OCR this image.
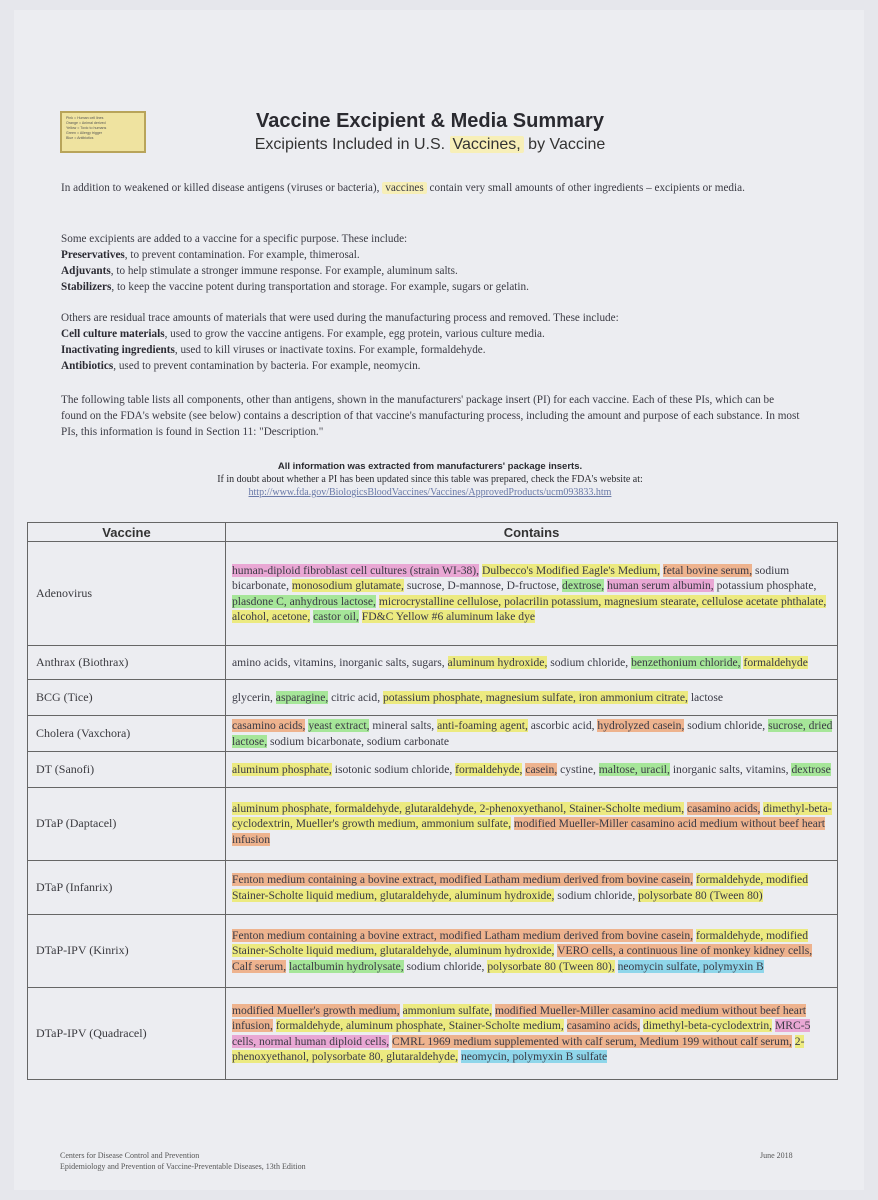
Pink = Human cell lines
Orange = Animal derived
Yellow = Toxic to humans
Green = Allergy trigger
Blue = Antibiotics
Vaccine Excipient & Media Summary
Excipients Included in U.S. Vaccines, by Vaccine
In addition to weakened or killed disease antigens (viruses or bacteria), vaccines contain very small amounts of other ingredients – excipients or media.
Some excipients are added to a vaccine for a specific purpose. These include:
Preservatives, to prevent contamination. For example, thimerosal.
Adjuvants, to help stimulate a stronger immune response. For example, aluminum salts.
Stabilizers, to keep the vaccine potent during transportation and storage. For example, sugars or gelatin.
Others are residual trace amounts of materials that were used during the manufacturing process and removed. These include:
Cell culture materials, used to grow the vaccine antigens. For example, egg protein, various culture media.
Inactivating ingredients, used to kill viruses or inactivate toxins. For example, formaldehyde.
Antibiotics, used to prevent contamination by bacteria. For example, neomycin.
The following table lists all components, other than antigens, shown in the manufacturers' package insert (PI) for each vaccine. Each of these PIs, which can be found on the FDA's website (see below) contains a description of that vaccine's manufacturing process, including the amount and purpose of each substance. In most PIs, this information is found in Section 11: "Description."
All information was extracted from manufacturers' package inserts.
If in doubt about whether a PI has been updated since this table was prepared, check the FDA's website at:
http://www.fda.gov/BiologicsBloodVaccines/Vaccines/ApprovedProducts/ucm093833.htm
Vaccine	Contains
Adenovirus	human-diploid fibroblast cell cultures (strain WI-38), Dulbecco's Modified Eagle's Medium, fetal bovine serum, sodium bicarbonate, monosodium glutamate, sucrose, D-mannose, D-fructose, dextrose, human serum albumin, potassium phosphate, plasdone C, anhydrous lactose, microcrystalline cellulose, polacrilin potassium, magnesium stearate, cellulose acetate phthalate, alcohol, acetone, castor oil, FD&C Yellow #6 aluminum lake dye
Anthrax (Biothrax)	amino acids, vitamins, inorganic salts, sugars, aluminum hydroxide, sodium chloride, benzethonium chloride, formaldehyde
BCG (Tice)	glycerin, asparagine, citric acid, potassium phosphate, magnesium sulfate, iron ammonium citrate, lactose
Cholera (Vaxchora)	casamino acids, yeast extract, mineral salts, anti-foaming agent, ascorbic acid, hydrolyzed casein, sodium chloride, sucrose, dried lactose, sodium bicarbonate, sodium carbonate
DT (Sanofi)	aluminum phosphate, isotonic sodium chloride, formaldehyde, casein, cystine, maltose, uracil, inorganic salts, vitamins, dextrose
DTaP (Daptacel)	aluminum phosphate, formaldehyde, glutaraldehyde, 2-phenoxyethanol, Stainer-Scholte medium, casamino acids, dimethyl-beta-cyclodextrin, Mueller's growth medium, ammonium sulfate, modified Mueller-Miller casamino acid medium without beef heart infusion
DTaP (Infanrix)	Fenton medium containing a bovine extract, modified Latham medium derived from bovine casein, formaldehyde, modified Stainer-Scholte liquid medium, glutaraldehyde, aluminum hydroxide, sodium chloride, polysorbate 80 (Tween 80)
DTaP-IPV (Kinrix)	Fenton medium containing a bovine extract, modified Latham medium derived from bovine casein, formaldehyde, modified Stainer-Scholte liquid medium, glutaraldehyde, aluminum hydroxide, VERO cells, a continuous line of monkey kidney cells, Calf serum, lactalbumin hydrolysate, sodium chloride, polysorbate 80 (Tween 80), neomycin sulfate, polymyxin B
DTaP-IPV (Quadracel)	modified Mueller's growth medium, ammonium sulfate, modified Mueller-Miller casamino acid medium without beef heart infusion, formaldehyde, aluminum phosphate, Stainer-Scholte medium, casamino acids, dimethyl-beta-cyclodextrin, MRC-5 cells, normal human diploid cells, CMRL 1969 medium supplemented with calf serum, Medium 199 without calf serum, 2-phenoxyethanol, polysorbate 80, glutaraldehyde, neomycin, polymyxin B sulfate
Centers for Disease Control and Prevention
Epidemiology and Prevention of Vaccine-Preventable Diseases, 13th Edition
June 2018
